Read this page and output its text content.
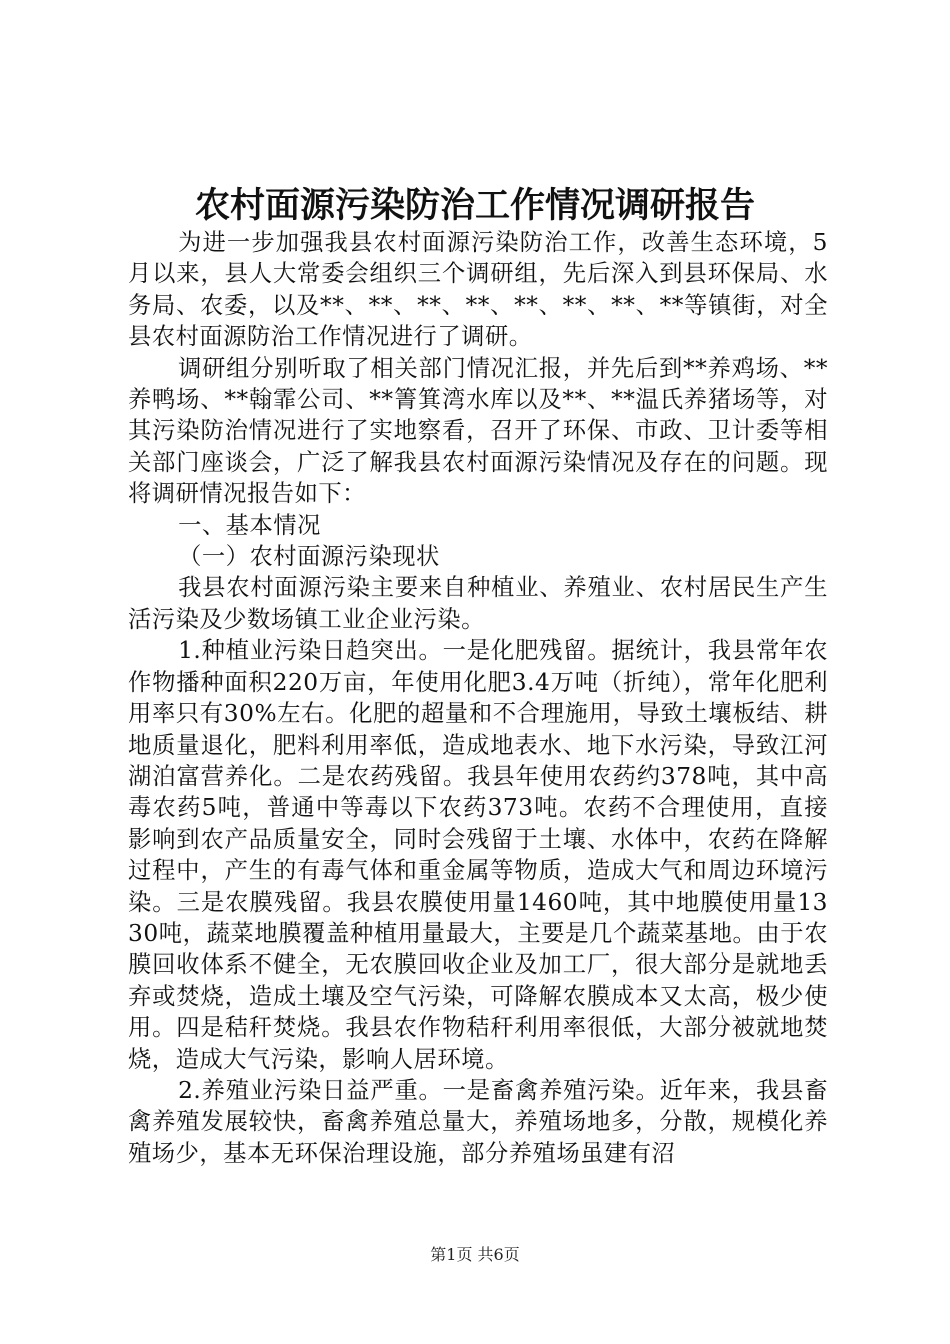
农村面源污染防治工作情况调研报告

为进一步加强我县农村面源污染防治工作，改善生态环境，5月以来，县人大常委会组织三个调研组，先后深入到县环保局、水务局、农委，以及**、**、**、**、**、**、**、**等镇街，对全县农村面源防治工作情况进行了调研。

调研组分别听取了相关部门情况汇报，并先后到**养鸡场、**养鸭场、**翰霏公司、**箐箕湾水库以及**、**温氏养猪场等，对其污染防治情况进行了实地察看，召开了环保、市政、卫计委等相关部门座谈会，广泛了解我县农村面源污染情况及存在的问题。现将调研情况报告如下：

一、基本情况

（一）农村面源污染现状

我县农村面源污染主要来自种植业、养殖业、农村居民生产生活污染及少数场镇工业企业污染。

1.种植业污染日趋突出。一是化肥残留。据统计，我县常年农作物播种面积220万亩，年使用化肥3.4万吨（折纯），常年化肥利用率只有30%左右。化肥的超量和不合理施用，导致土壤板结、耕地质量退化，肥料利用率低，造成地表水、地下水污染，导致江河湖泊富营养化。二是农药残留。我县年使用农药约378吨，其中高毒农药5吨，普通中等毒以下农药373吨。农药不合理使用，直接影响到农产品质量安全，同时会残留于土壤、水体中，农药在降解过程中，产生的有毒气体和重金属等物质，造成大气和周边环境污染。三是农膜残留。我县农膜使用量1460吨，其中地膜使用量1330吨，蔬菜地膜覆盖种植用量最大，主要是几个蔬菜基地。由于农膜回收体系不健全，无农膜回收企业及加工厂，很大部分是就地丢弃或焚烧，造成土壤及空气污染，可降解农膜成本又太高，极少使用。四是秸秆焚烧。我县农作物秸秆利用率很低，大部分被就地焚烧，造成大气污染，影响人居环境。

2.养殖业污染日益严重。一是畜禽养殖污染。近年来，我县畜禽养殖发展较快，畜禽养殖总量大，养殖场地多，分散，规模化养殖场少，基本无环保治理设施，部分养殖场虽建有沼

第1页 共6页
